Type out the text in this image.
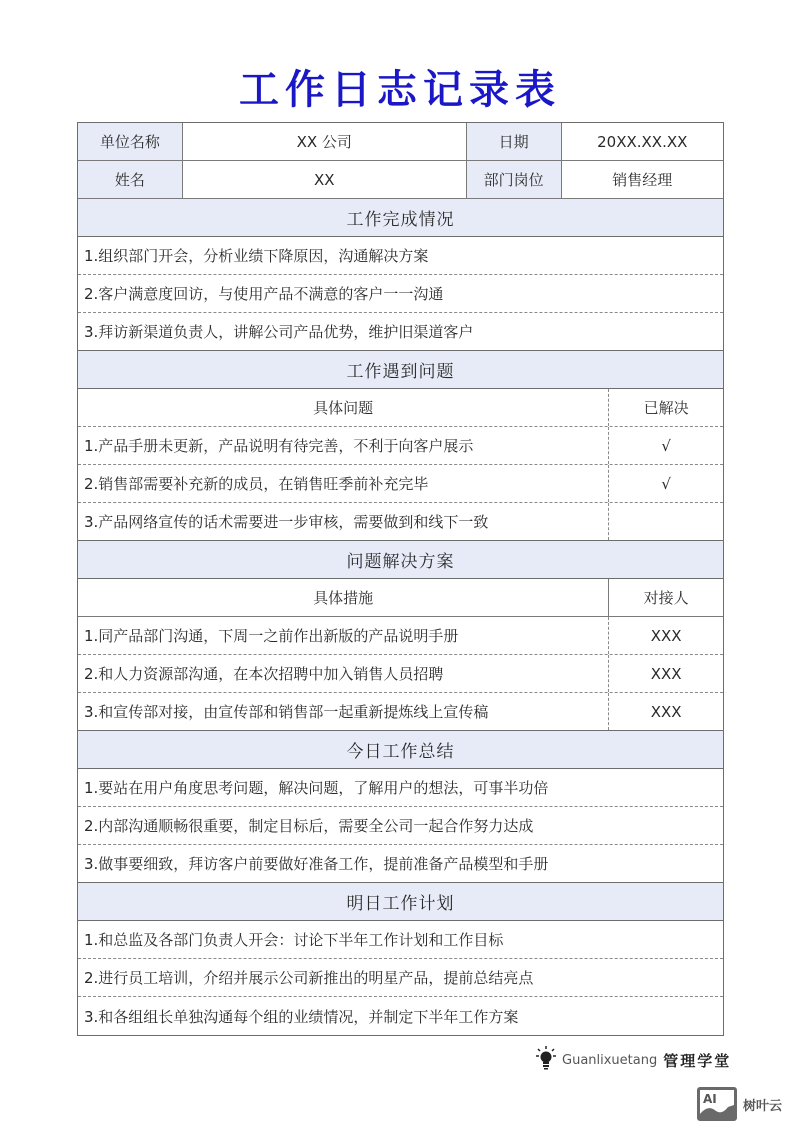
工作日志记录表
单位名称	XX 公司	日期	20XX.XX.XX
姓名	XX	部门岗位	销售经理
工作完成情况
1.组织部门开会，分析业绩下降原因，沟通解决方案
2.客户满意度回访，与使用产品不满意的客户一一沟通
3.拜访新渠道负责人，讲解公司产品优势，维护旧渠道客户
工作遇到问题
具体问题	已解决
1.产品手册未更新，产品说明有待完善，不利于向客户展示	√
2.销售部需要补充新的成员，在销售旺季前补充完毕	√
3.产品网络宣传的话术需要进一步审核，需要做到和线下一致
问题解决方案
具体措施	对接人
1.同产品部门沟通，下周一之前作出新版的产品说明手册	XXX
2.和人力资源部沟通，在本次招聘中加入销售人员招聘	XXX
3.和宣传部对接，由宣传部和销售部一起重新提炼线上宣传稿	XXX
今日工作总结
1.要站在用户角度思考问题，解决问题，了解用户的想法，可事半功倍
2.内部沟通顺畅很重要，制定目标后，需要全公司一起合作努力达成
3.做事要细致，拜访客户前要做好准备工作，提前准备产品模型和手册
明日工作计划
1.和总监及各部门负责人开会：讨论下半年工作计划和工作目标
2.进行员工培训，介绍并展示公司新推出的明星产品，提前总结亮点
3.和各组组长单独沟通每个组的业绩情况，并制定下半年工作方案
Guanlixuetang 管理学堂
AI 树叶云
